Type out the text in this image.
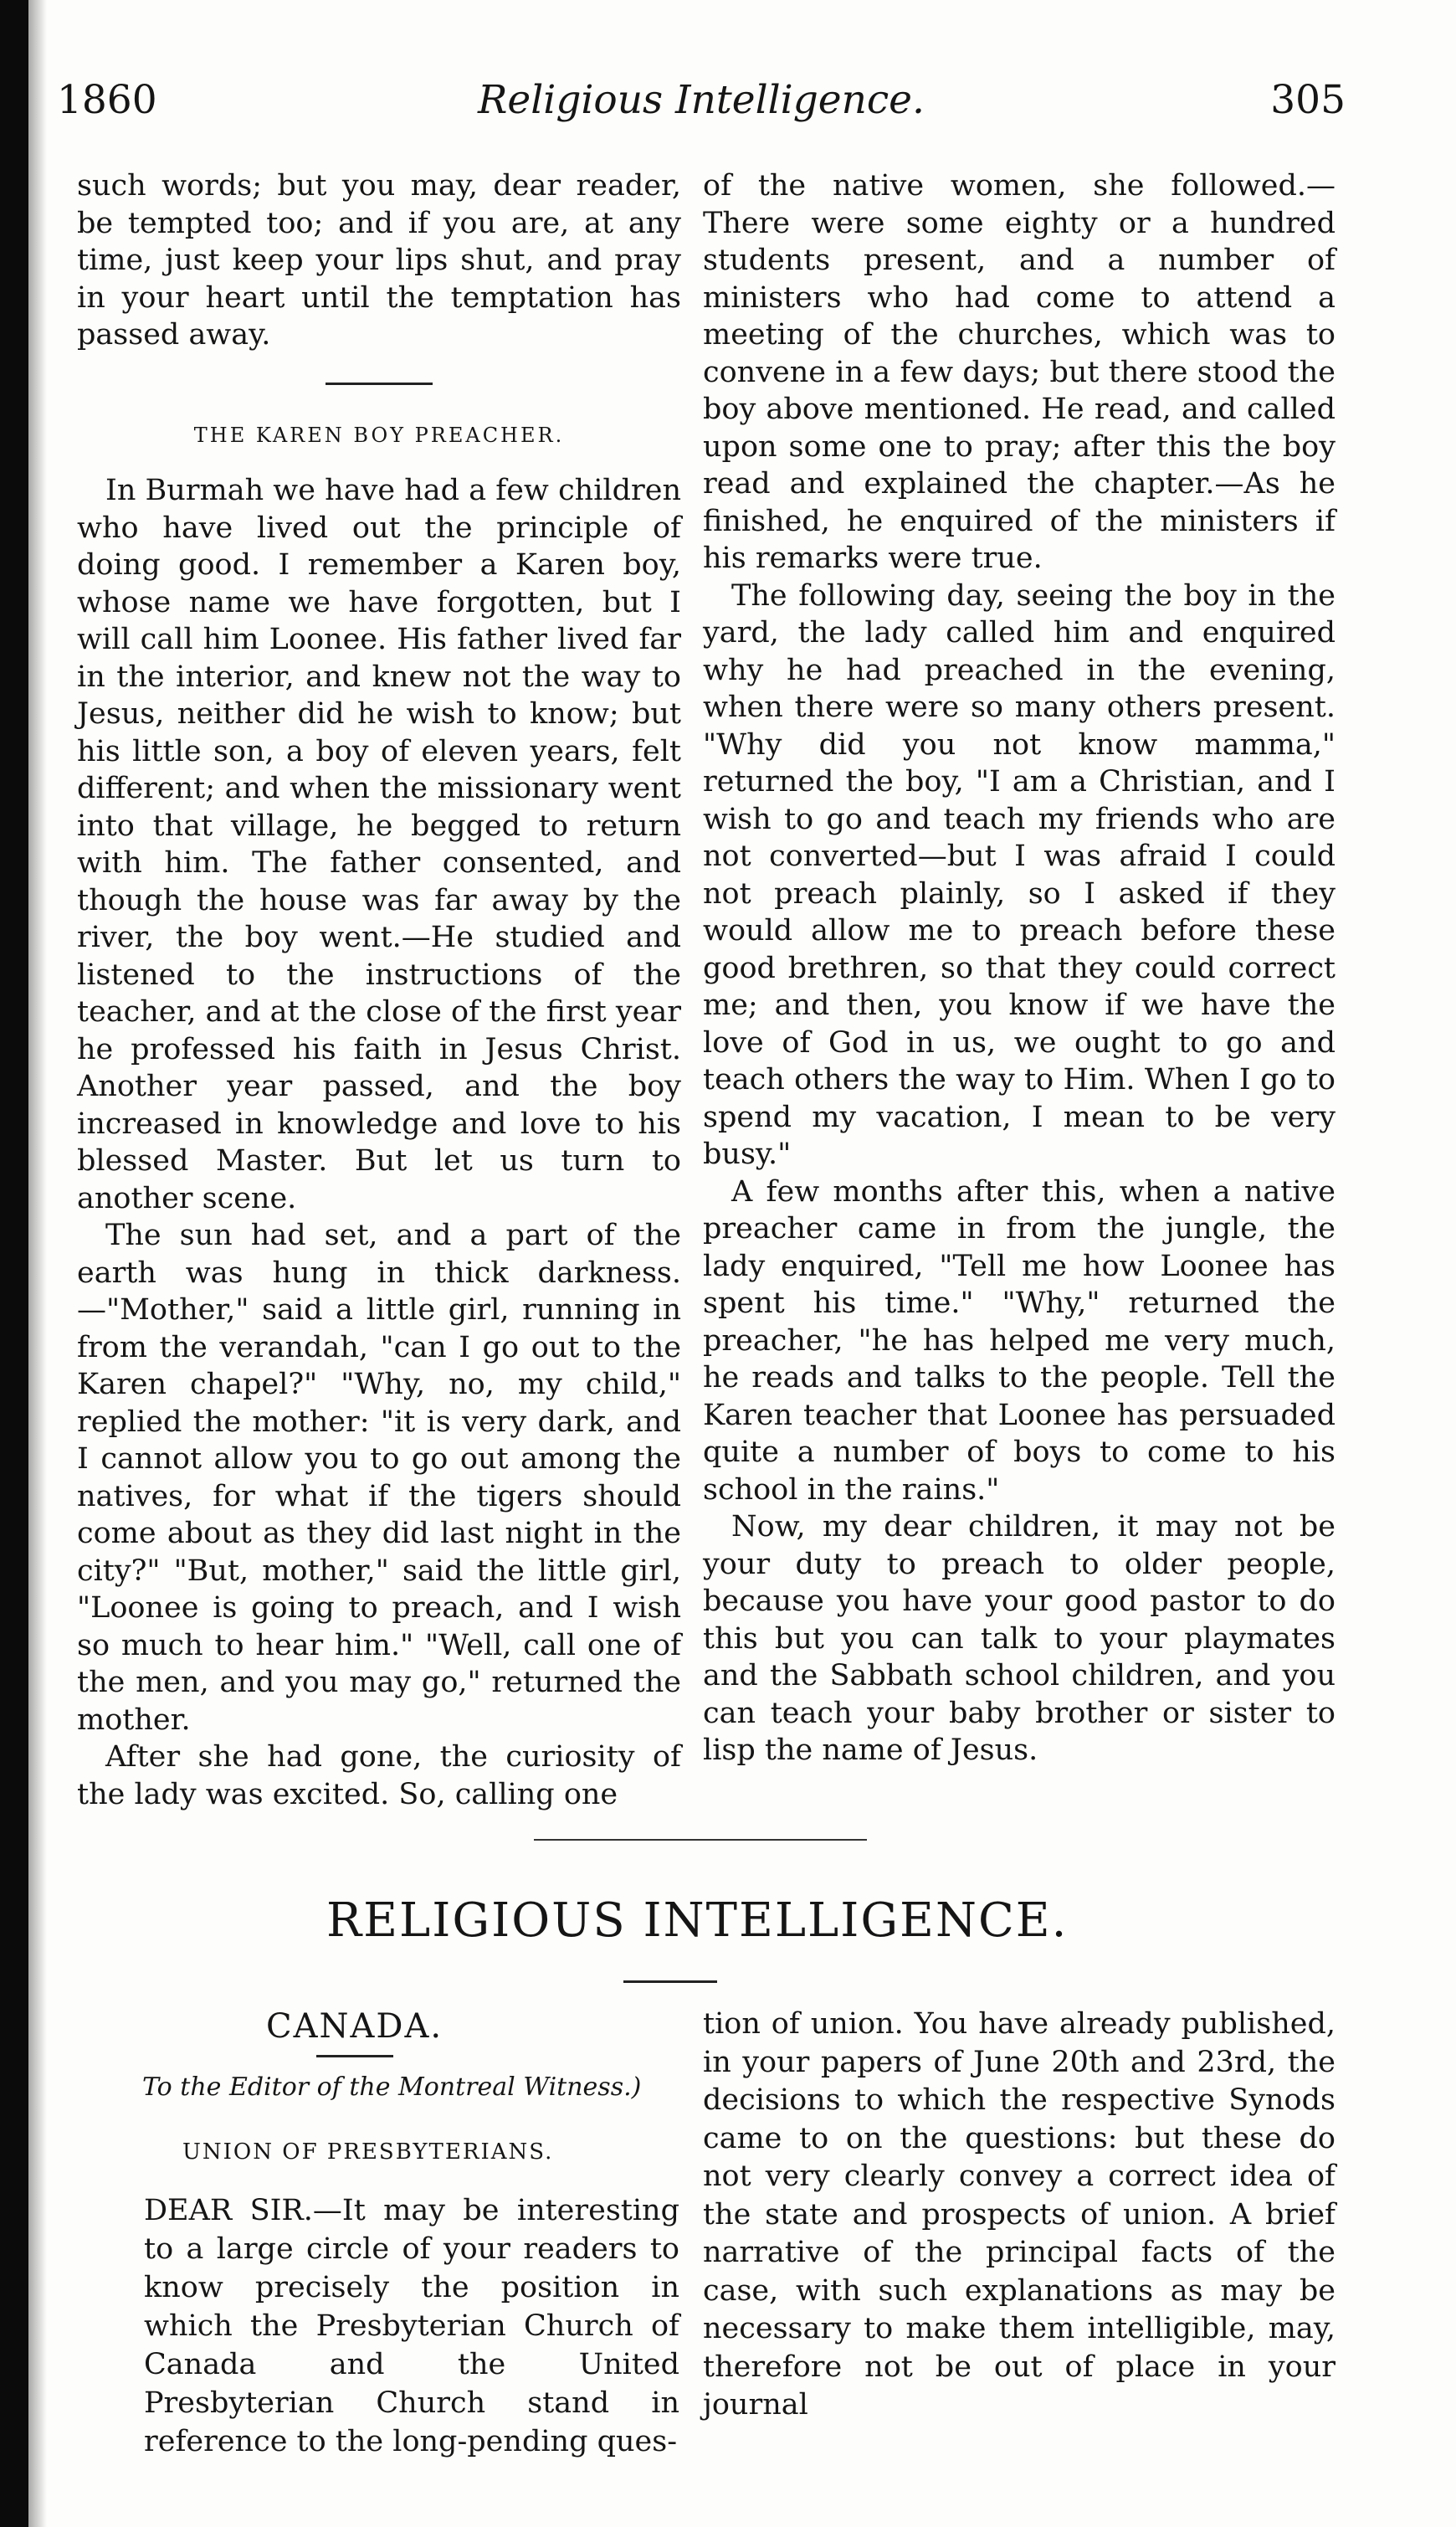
1860	Religious Intelligence.	305

such words; but you may, dear reader, be tempted too; and if you are, at any time, just keep your lips shut, and pray in your heart until the temptation has passed away.

THE KAREN BOY PREACHER.

In Burmah we have had a few children who have lived out the principle of doing good. I remember a Karen boy, whose name we have forgotten, but I will call him Loonee. His father lived far in the interior, and knew not the way to Jesus, neither did he wish to know; but his little son, a boy of eleven years, felt different; and when the missionary went into that village, he begged to return with him. The father consented, and though the house was far away by the river, the boy went.—He studied and listened to the instructions of the teacher, and at the close of the first year he professed his faith in Jesus Christ. Another year passed, and the boy increased in knowledge and love to his blessed Master. But let us turn to another scene.

The sun had set, and a part of the earth was hung in thick darkness.—"Mother," said a little girl, running in from the verandah, "can I go out to the Karen chapel?" "Why, no, my child," replied the mother: "it is very dark, and I cannot allow you to go out among the natives, for what if the tigers should come about as they did last night in the city?" "But, mother," said the little girl, "Loonee is going to preach, and I wish so much to hear him." "Well, call one of the men, and you may go," returned the mother.

After she had gone, the curiosity of the lady was excited. So, calling one

of the native women, she followed.—There were some eighty or a hundred students present, and a number of ministers who had come to attend a meeting of the churches, which was to convene in a few days; but there stood the boy above mentioned. He read, and called upon some one to pray; after this the boy read and explained the chapter.—As he finished, he enquired of the ministers if his remarks were true.

The following day, seeing the boy in the yard, the lady called him and enquired why he had preached in the evening, when there were so many others present. "Why did you not know mamma," returned the boy, "I am a Christian, and I wish to go and teach my friends who are not converted—but I was afraid I could not preach plainly, so I asked if they would allow me to preach before these good brethren, so that they could correct me; and then, you know if we have the love of God in us, we ought to go and teach others the way to Him. When I go to spend my vacation, I mean to be very busy."

A few months after this, when a native preacher came in from the jungle, the lady enquired, "Tell me how Loonee has spent his time." "Why," returned the preacher, "he has helped me very much, he reads and talks to the people. Tell the Karen teacher that Loonee has persuaded quite a number of boys to come to his school in the rains."

Now, my dear children, it may not be your duty to preach to older people, because you have your good pastor to do this but you can talk to your playmates and the Sabbath school children, and you can teach your baby brother or sister to lisp the name of Jesus.

RELIGIOUS INTELLIGENCE.
CANADA.
To the Editor of the Montreal Witness.)
UNION OF PRESBYTERIANS.

DEAR SIR.—It may be interesting to a large circle of your readers to know precisely the position in which the Presbyterian Church of Canada and the United Presbyterian Church stand in reference to the long-pending ques-

tion of union. You have already published, in your papers of June 20th and 23rd, the decisions to which the respective Synods came to on the questions: but these do not very clearly convey a correct idea of the state and prospects of union. A brief narrative of the principal facts of the case, with such explanations as may be necessary to make them intelligible, may, therefore not be out of place in your journal
